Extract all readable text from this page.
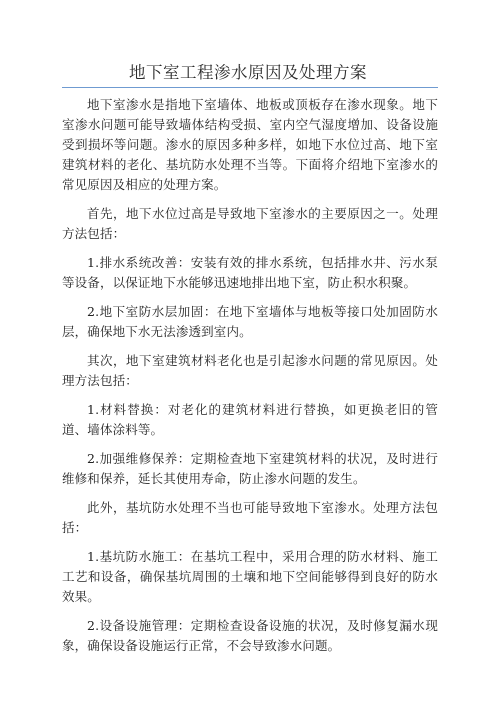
地下室工程渗水原因及处理方案

地下室渗水是指地下室墙体、地板或顶板存在渗水现象。地下室渗水问题可能导致墙体结构受损、室内空气湿度增加、设备设施受到损坏等问题。渗水的原因多种多样，如地下水位过高、地下室建筑材料的老化、基坑防水处理不当等。下面将介绍地下室渗水的常见原因及相应的处理方案。

首先，地下水位过高是导致地下室渗水的主要原因之一。处理方法包括：

1.排水系统改善：安装有效的排水系统，包括排水井、污水泵等设备，以保证地下水能够迅速地排出地下室，防止积水积聚。

2.地下室防水层加固：在地下室墙体与地板等接口处加固防水层，确保地下水无法渗透到室内。

其次，地下室建筑材料老化也是引起渗水问题的常见原因。处理方法包括：

1.材料替换：对老化的建筑材料进行替换，如更换老旧的管道、墙体涂料等。

2.加强维修保养：定期检查地下室建筑材料的状况，及时进行维修和保养，延长其使用寿命，防止渗水问题的发生。

此外，基坑防水处理不当也可能导致地下室渗水。处理方法包括：

1.基坑防水施工：在基坑工程中，采用合理的防水材料、施工工艺和设备，确保基坑周围的土壤和地下空间能够得到良好的防水效果。

2.设备设施管理：定期检查设备设施的状况，及时修复漏水现象，确保设备设施运行正常，不会导致渗水问题。
